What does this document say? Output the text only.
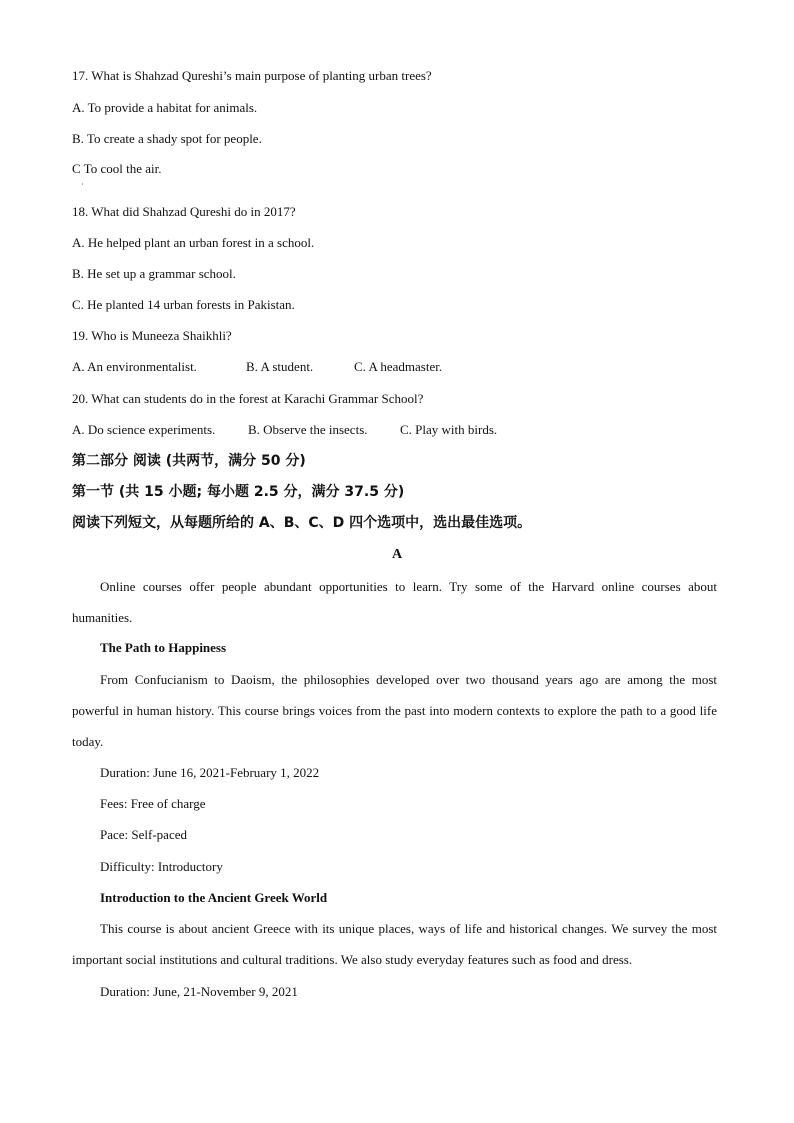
17. What is Shahzad Qureshi’s main purpose of planting urban trees?
A. To provide a habitat for animals.
B. To create a shady spot for people.
C To cool the air.
·
18. What did Shahzad Qureshi do in 2017?
A. He helped plant an urban forest in a school.
B. He set up a grammar school.
C. He planted 14 urban forests in Pakistan.
19. Who is Muneeza Shaikhli?
A. An environmentalist.	B. A student.	C. A headmaster.
20. What can students do in the forest at Karachi Grammar School?
A. Do science experiments.	B. Observe the insects. C. Play with birds.
第二部分 阅读 (共两节，满分 50 分)
第一节 (共 15 小题; 每小题 2.5 分，满分 37.5 分)
阅读下列短文，从每题所给的 A、B、C、D 四个选项中，选出最佳选项。
A
Online courses offer people abundant opportunities to learn. Try some of the Harvard online courses about humanities.
The Path to Happiness
From Confucianism to Daoism, the philosophies developed over two thousand years ago are among the most powerful in human history. This course brings voices from the past into modern contexts to explore the path to a good life today.
Duration: June 16, 2021-February 1, 2022
Fees: Free of charge
Pace: Self-paced
Difficulty: Introductory
Introduction to the Ancient Greek World
This course is about ancient Greece with its unique places, ways of life and historical changes. We survey the most important social institutions and cultural traditions. We also study everyday features such as food and dress.
Duration: June, 21-November 9, 2021
